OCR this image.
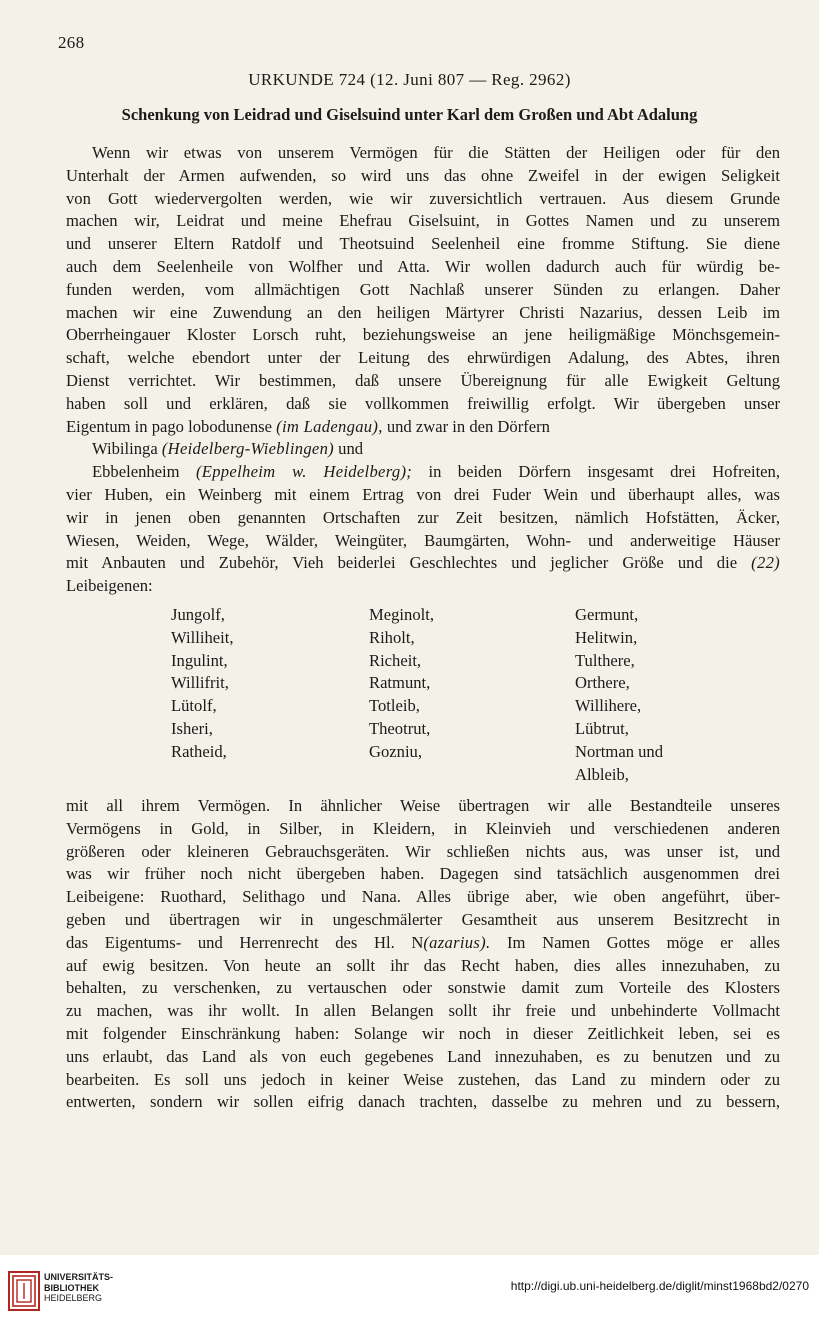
268
URKUNDE 724 (12. Juni 807 — Reg. 2962)
Schenkung von Leidrad und Giselsuind unter Karl dem Großen und Abt Adalung
Wenn wir etwas von unserem Vermögen für die Stätten der Heiligen oder für den
Unterhalt der Armen aufwenden, so wird uns das ohne Zweifel in der ewigen Seligkeit
von Gott wiedervergolten werden, wie wir zuversichtlich vertrauen. Aus diesem Grunde
machen wir, Leidrat und meine Ehefrau Giselsuint, in Gottes Namen und zu unserem
und unserer Eltern Ratdolf und Theotsuind Seelenheil eine fromme Stiftung. Sie diene
auch dem Seelenheile von Wolfher und Atta. Wir wollen dadurch auch für würdig be-
funden werden, vom allmächtigen Gott Nachlaß unserer Sünden zu erlangen. Daher
machen wir eine Zuwendung an den heiligen Märtyrer Christi Nazarius, dessen Leib im
Oberrheingauer Kloster Lorsch ruht, beziehungsweise an jene heiligmäßige Mönchsgemein-
schaft, welche ebendort unter der Leitung des ehrwürdigen Adalung, des Abtes, ihren
Dienst verrichtet. Wir bestimmen, daß unsere Übereignung für alle Ewigkeit Geltung
haben soll und erklären, daß sie vollkommen freiwillig erfolgt. Wir übergeben unser
Eigentum in pago lobodunense (im Ladengau), und zwar in den Dörfern
Wibilinga (Heidelberg-Wieblingen) und
Ebbelenheim (Eppelheim w. Heidelberg); in beiden Dörfern insgesamt drei Hofreiten,
vier Huben, ein Weinberg mit einem Ertrag von drei Fuder Wein und überhaupt alles, was
wir in jenen oben genannten Ortschaften zur Zeit besitzen, nämlich Hofstätten, Äcker,
Wiesen, Weiden, Wege, Wälder, Weingüter, Baumgärten, Wohn- und anderweitige Häuser
mit Anbauten und Zubehör, Vieh beiderlei Geschlechtes und jeglicher Größe und die (22)
Leibeigenen:
Jungolf,	Meginolt,	Germunt,
Williheit,	Riholt,	Helitwin,
Ingulint,	Richeit,	Tulthere,
Willifrit,	Ratmunt,	Orthere,
Lütolf,	Totleib,	Willihere,
Isheri,	Theotrut,	Lübtrut,
Ratheid,	Gozniu,	Nortman und
Albleib,
mit all ihrem Vermögen. In ähnlicher Weise übertragen wir alle Bestandteile unseres
Vermögens in Gold, in Silber, in Kleidern, in Kleinvieh und verschiedenen anderen
größeren oder kleineren Gebrauchsgeräten. Wir schließen nichts aus, was unser ist, und
was wir früher noch nicht übergeben haben. Dagegen sind tatsächlich ausgenommen drei
Leibeigene: Ruothard, Selithago und Nana. Alles übrige aber, wie oben angeführt, über-
geben und übertragen wir in ungeschmälerter Gesamtheit aus unserem Besitzrecht in
das Eigentums- und Herrenrecht des Hl. N(azarius). Im Namen Gottes möge er alles
auf ewig besitzen. Von heute an sollt ihr das Recht haben, dies alles innezuhaben, zu
behalten, zu verschenken, zu vertauschen oder sonstwie damit zum Vorteile des Klosters
zu machen, was ihr wollt. In allen Belangen sollt ihr freie und unbehinderte Vollmacht
mit folgender Einschränkung haben: Solange wir noch in dieser Zeitlichkeit leben, sei es
uns erlaubt, das Land als von euch gegebenes Land innezuhaben, es zu benutzen und zu
bearbeiten. Es soll uns jedoch in keiner Weise zustehen, das Land zu mindern oder zu
entwerten, sondern wir sollen eifrig danach trachten, dasselbe zu mehren und zu bessern,
UNIVERSITÄTS-
BIBLIOTHEK
HEIDELBERG
http://digi.ub.uni-heidelberg.de/diglit/minst1968bd2/0270
